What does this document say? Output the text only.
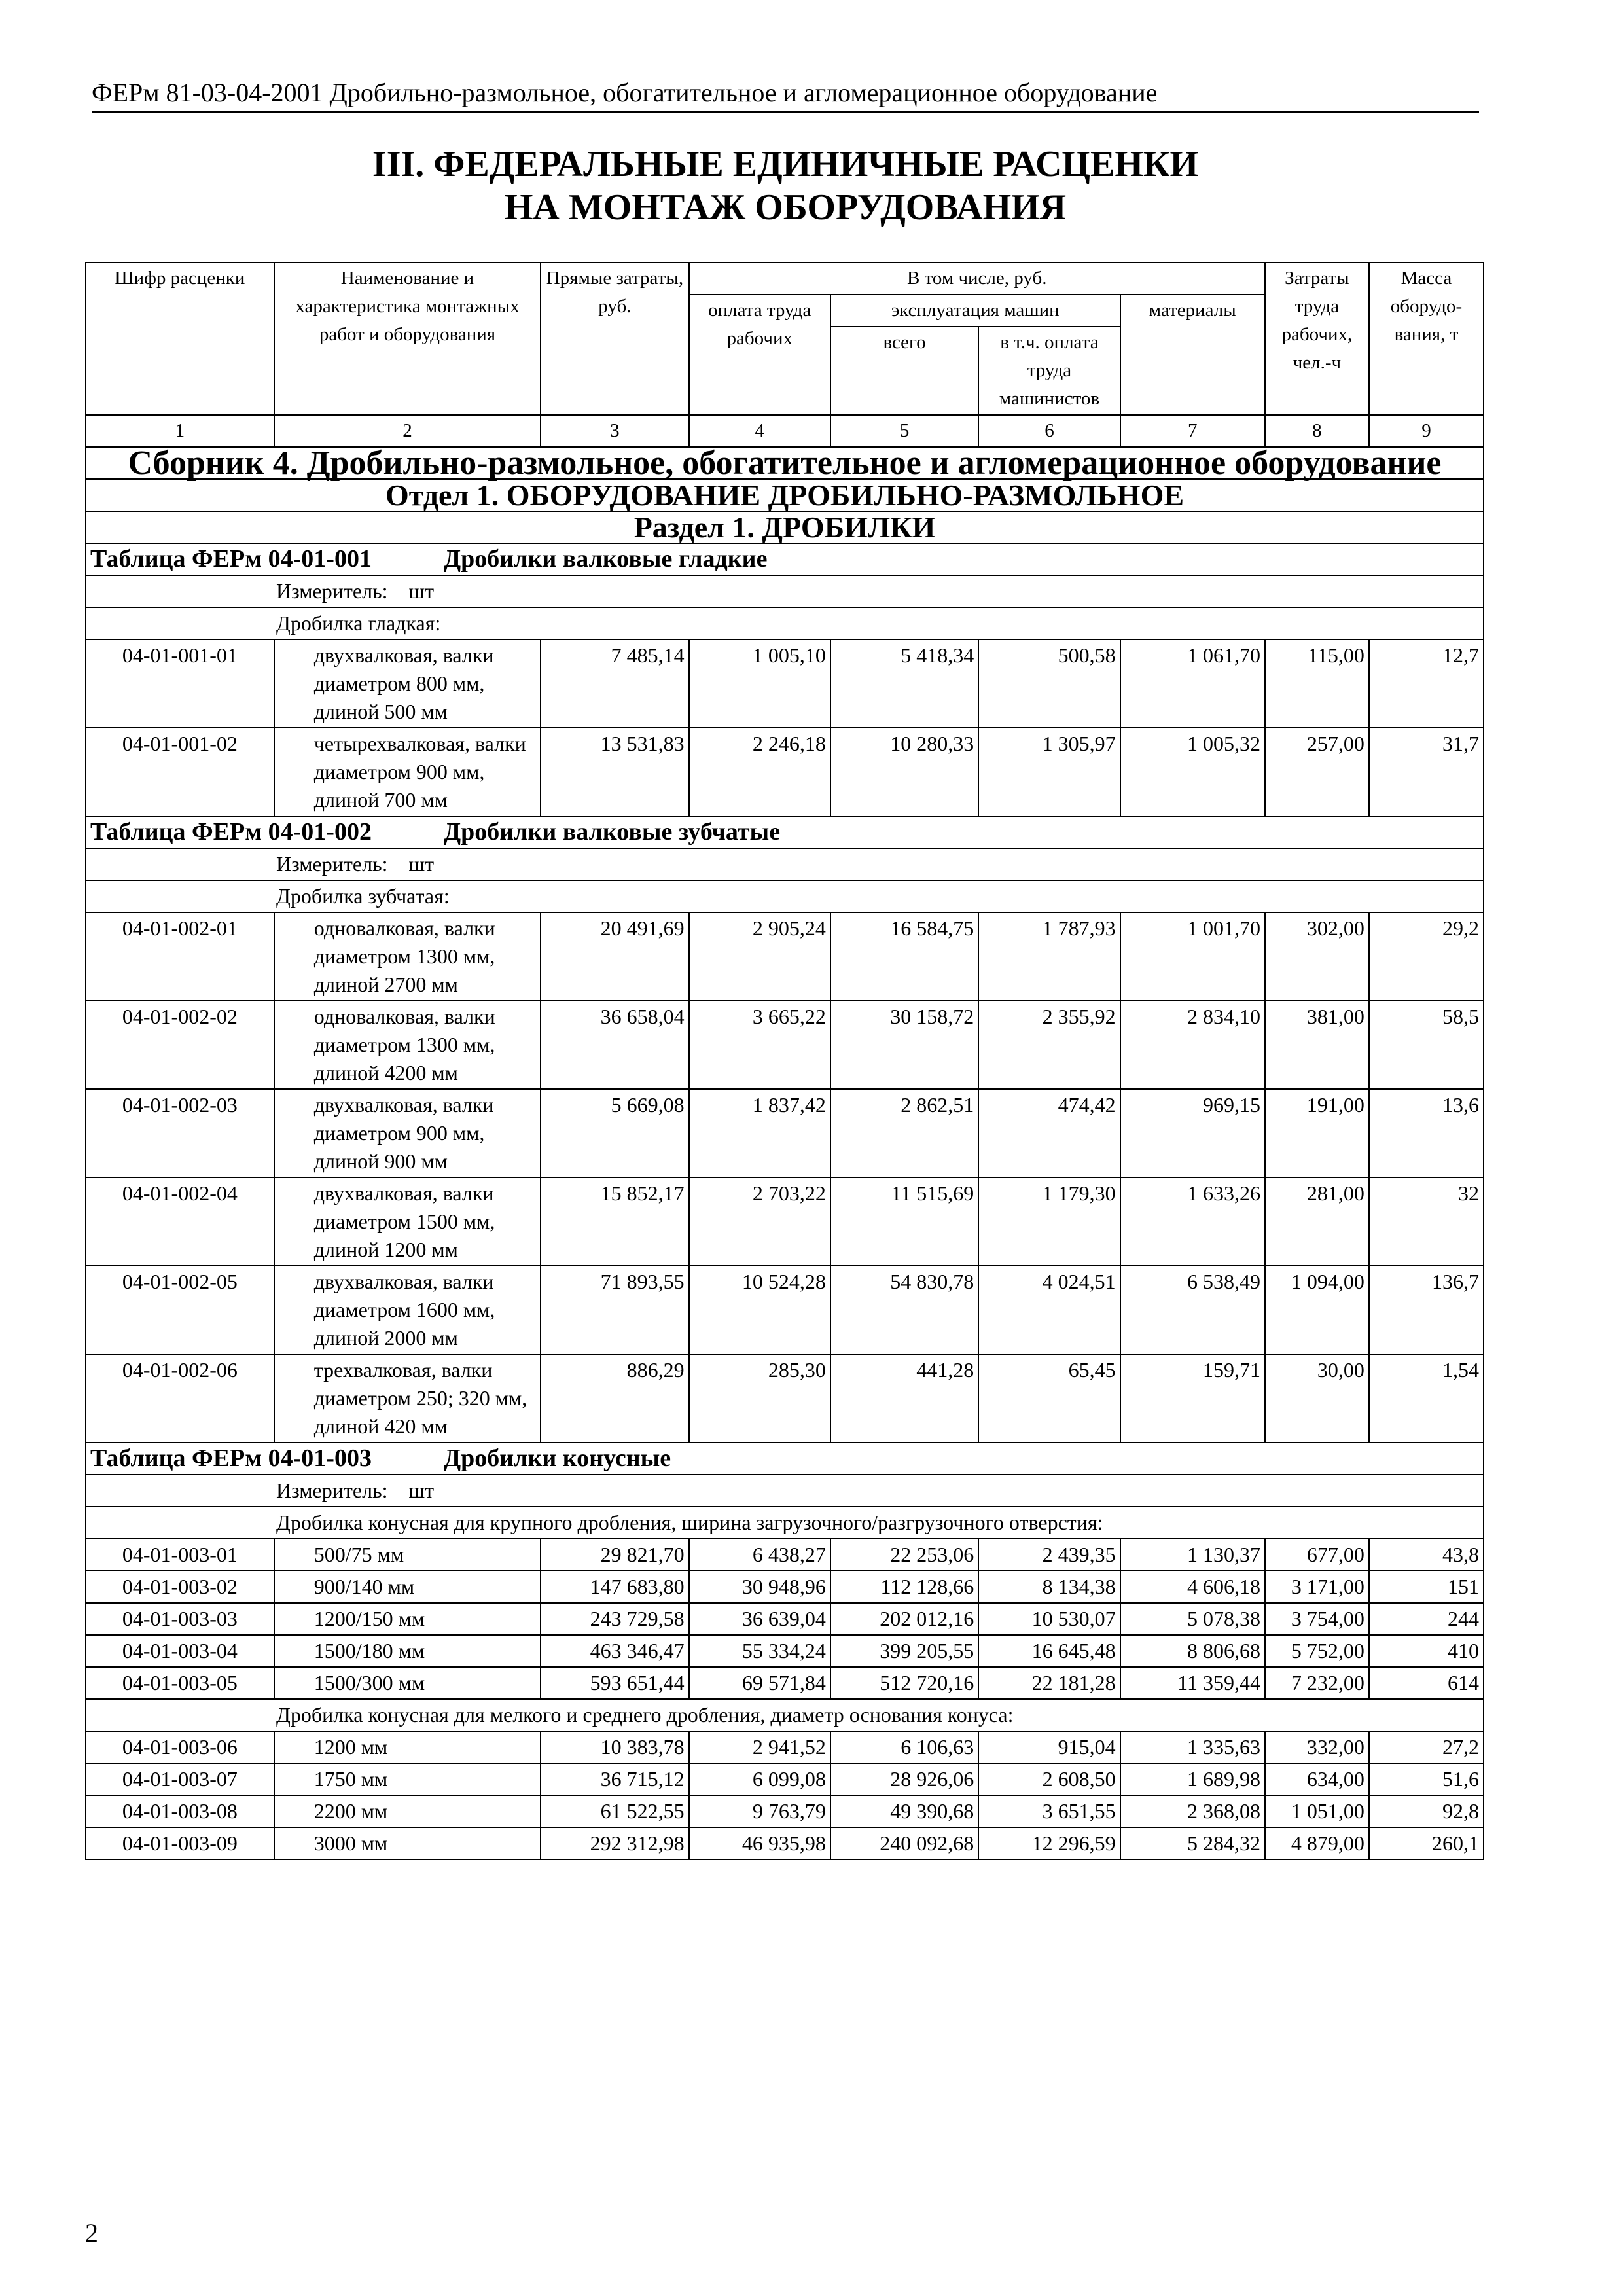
ФЕРм 81-03-04-2001 Дробильно-размольное, обогатительное и агломерационное оборудование
III. ФЕДЕРАЛЬНЫЕ ЕДИНИЧНЫЕ РАСЦЕНКИ
НА МОНТАЖ ОБОРУДОВАНИЯ
Шифр расценки	Наименование и характеристика монтажных работ и оборудования	Прямые затраты, руб.	В том числе, руб.				Затраты труда рабочих, чел.-ч	Масса оборудо-вания, т
			оплата труда рабочих	эксплуатация машин		материалы		
				всего	в т.ч. оплата труда машинистов			
1	2	3	4	5	6	7	8	9
Сборник 4. Дробильно-размольное, обогатительное и агломерационное оборудование								
Отдел 1. ОБОРУДОВАНИЕ ДРОБИЛЬНО-РАЗМОЛЬНОЕ								
Раздел 1. ДРОБИЛКИ								
Таблица ФЕРм 04-01-001 Дробилки валковые гладкие								
Измеритель: шт								
Дробилка гладкая:								
04-01-001-01	двухвалковая, валки диаметром 800 мм, длиной 500 мм	7 485,14	1 005,10	5 418,34	500,58	1 061,70	115,00	12,7
04-01-001-02	четырехвалковая, валки диаметром 900 мм, длиной 700 мм	13 531,83	2 246,18	10 280,33	1 305,97	1 005,32	257,00	31,7
Таблица ФЕРм 04-01-002 Дробилки валковые зубчатые								
Измеритель: шт								
Дробилка зубчатая:								
04-01-002-01	одновалковая, валки диаметром 1300 мм, длиной 2700 мм	20 491,69	2 905,24	16 584,75	1 787,93	1 001,70	302,00	29,2
04-01-002-02	одновалковая, валки диаметром 1300 мм, длиной 4200 мм	36 658,04	3 665,22	30 158,72	2 355,92	2 834,10	381,00	58,5
04-01-002-03	двухвалковая, валки диаметром 900 мм, длиной 900 мм	5 669,08	1 837,42	2 862,51	474,42	969,15	191,00	13,6
04-01-002-04	двухвалковая, валки диаметром 1500 мм, длиной 1200 мм	15 852,17	2 703,22	11 515,69	1 179,30	1 633,26	281,00	32
04-01-002-05	двухвалковая, валки диаметром 1600 мм, длиной 2000 мм	71 893,55	10 524,28	54 830,78	4 024,51	6 538,49	1 094,00	136,7
04-01-002-06	трехвалковая, валки диаметром 250; 320 мм, длиной 420 мм	886,29	285,30	441,28	65,45	159,71	30,00	1,54
Таблица ФЕРм 04-01-003 Дробилки конусные								
Измеритель: шт								
Дробилка конусная для крупного дробления, ширина загрузочного/разгрузочного отверстия:								
04-01-003-01	500/75 мм	29 821,70	6 438,27	22 253,06	2 439,35	1 130,37	677,00	43,8
04-01-003-02	900/140 мм	147 683,80	30 948,96	112 128,66	8 134,38	4 606,18	3 171,00	151
04-01-003-03	1200/150 мм	243 729,58	36 639,04	202 012,16	10 530,07	5 078,38	3 754,00	244
04-01-003-04	1500/180 мм	463 346,47	55 334,24	399 205,55	16 645,48	8 806,68	5 752,00	410
04-01-003-05	1500/300 мм	593 651,44	69 571,84	512 720,16	22 181,28	11 359,44	7 232,00	614
Дробилка конусная для мелкого и среднего дробления, диаметр основания конуса:								
04-01-003-06	1200 мм	10 383,78	2 941,52	6 106,63	915,04	1 335,63	332,00	27,2
04-01-003-07	1750 мм	36 715,12	6 099,08	28 926,06	2 608,50	1 689,98	634,00	51,6
04-01-003-08	2200 мм	61 522,55	9 763,79	49 390,68	3 651,55	2 368,08	1 051,00	92,8
04-01-003-09	3000 мм	292 312,98	46 935,98	240 092,68	12 296,59	5 284,32	4 879,00	260,1
2
